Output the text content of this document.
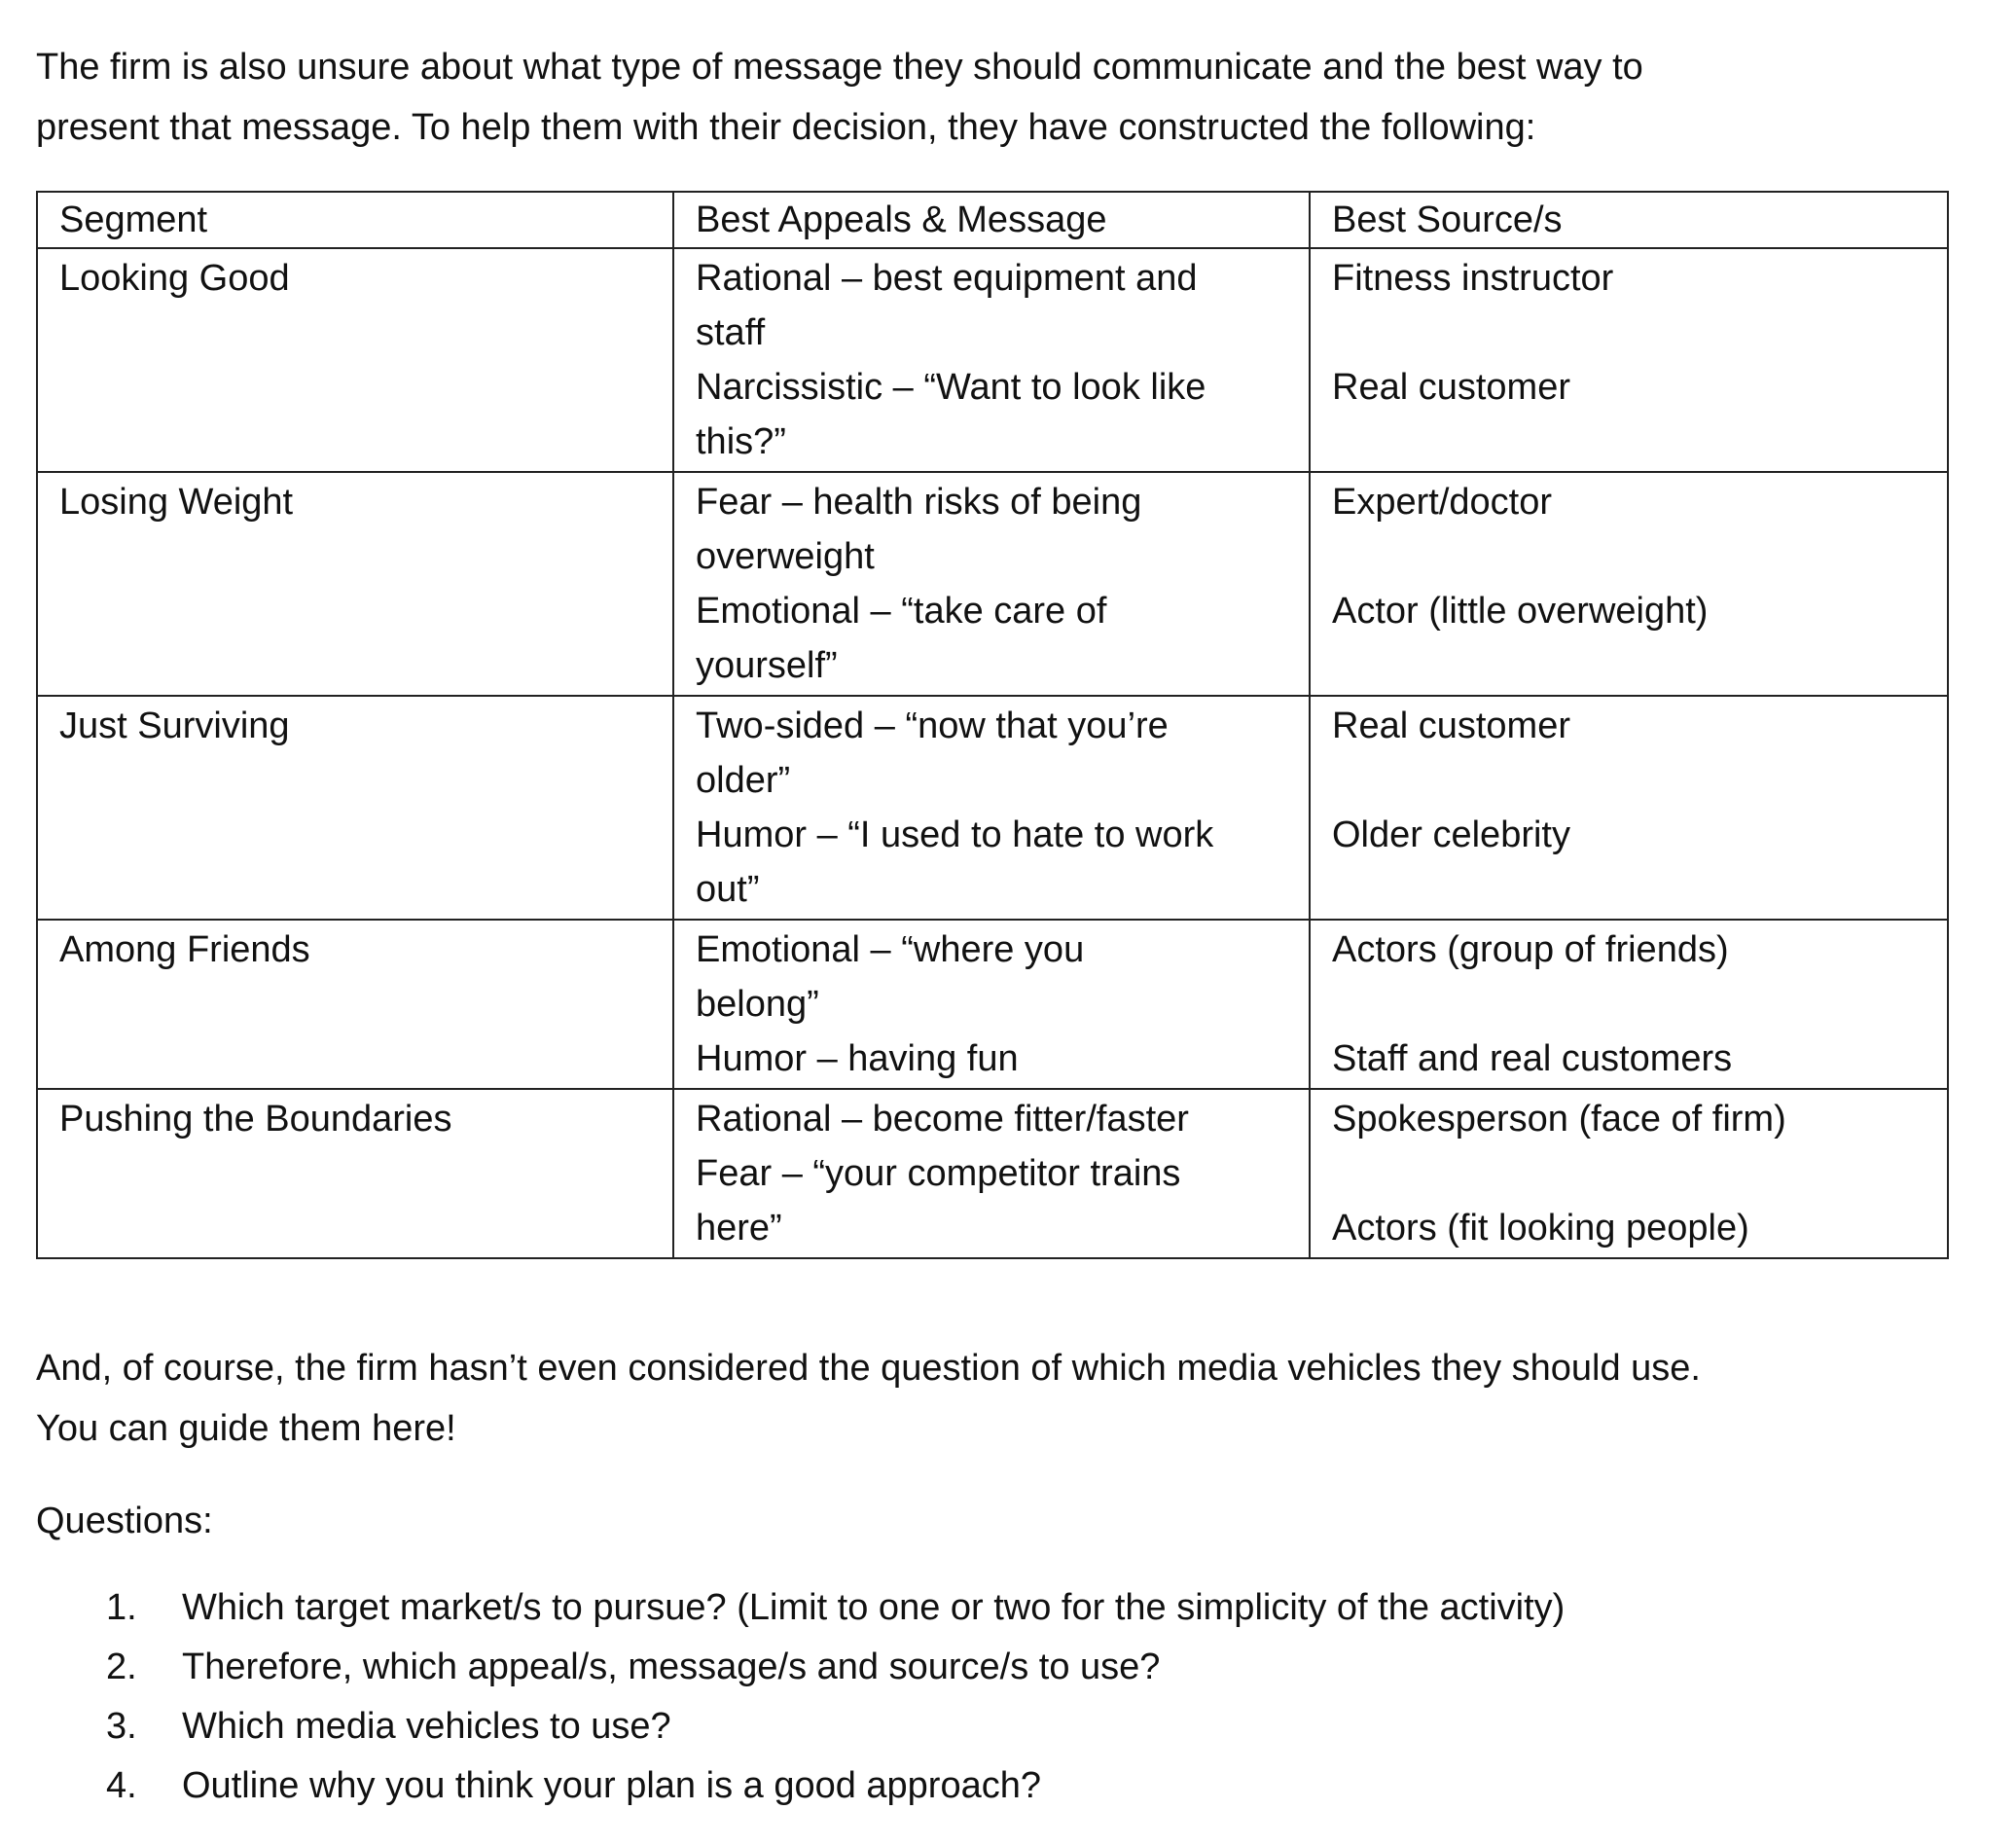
The firm is also unsure about what type of message they should communicate and the best way to

present that message. To help them with their decision, they have constructed the following:

Segment	Best Appeals & Message	Best Source/s

Looking Good	Rational – best equipment and
staff
Narcissistic – “Want to look like
this?”	Fitness instructor
Real customer

Losing Weight	Fear – health risks of being
overweight
Emotional – “take care of
yourself”	Expert/doctor
Actor (little overweight)

Just Surviving	Two-sided – “now that you’re
older”
Humor – “I used to hate to work
out”	Real customer
Older celebrity

Among Friends	Emotional – “where you
belong”
Humor – having fun	Actors (group of friends)
Staff and real customers

Pushing the Boundaries	Rational – become fitter/faster
Fear – “your competitor trains
here”	Spokesperson (face of firm)
Actors (fit looking people)

And, of course, the firm hasn’t even considered the question of which media vehicles they should use.

You can guide them here!

Questions:

1. Which target market/s to pursue? (Limit to one or two for the simplicity of the activity)
2. Therefore, which appeal/s, message/s and source/s to use?
3. Which media vehicles to use?
4. Outline why you think your plan is a good approach?
